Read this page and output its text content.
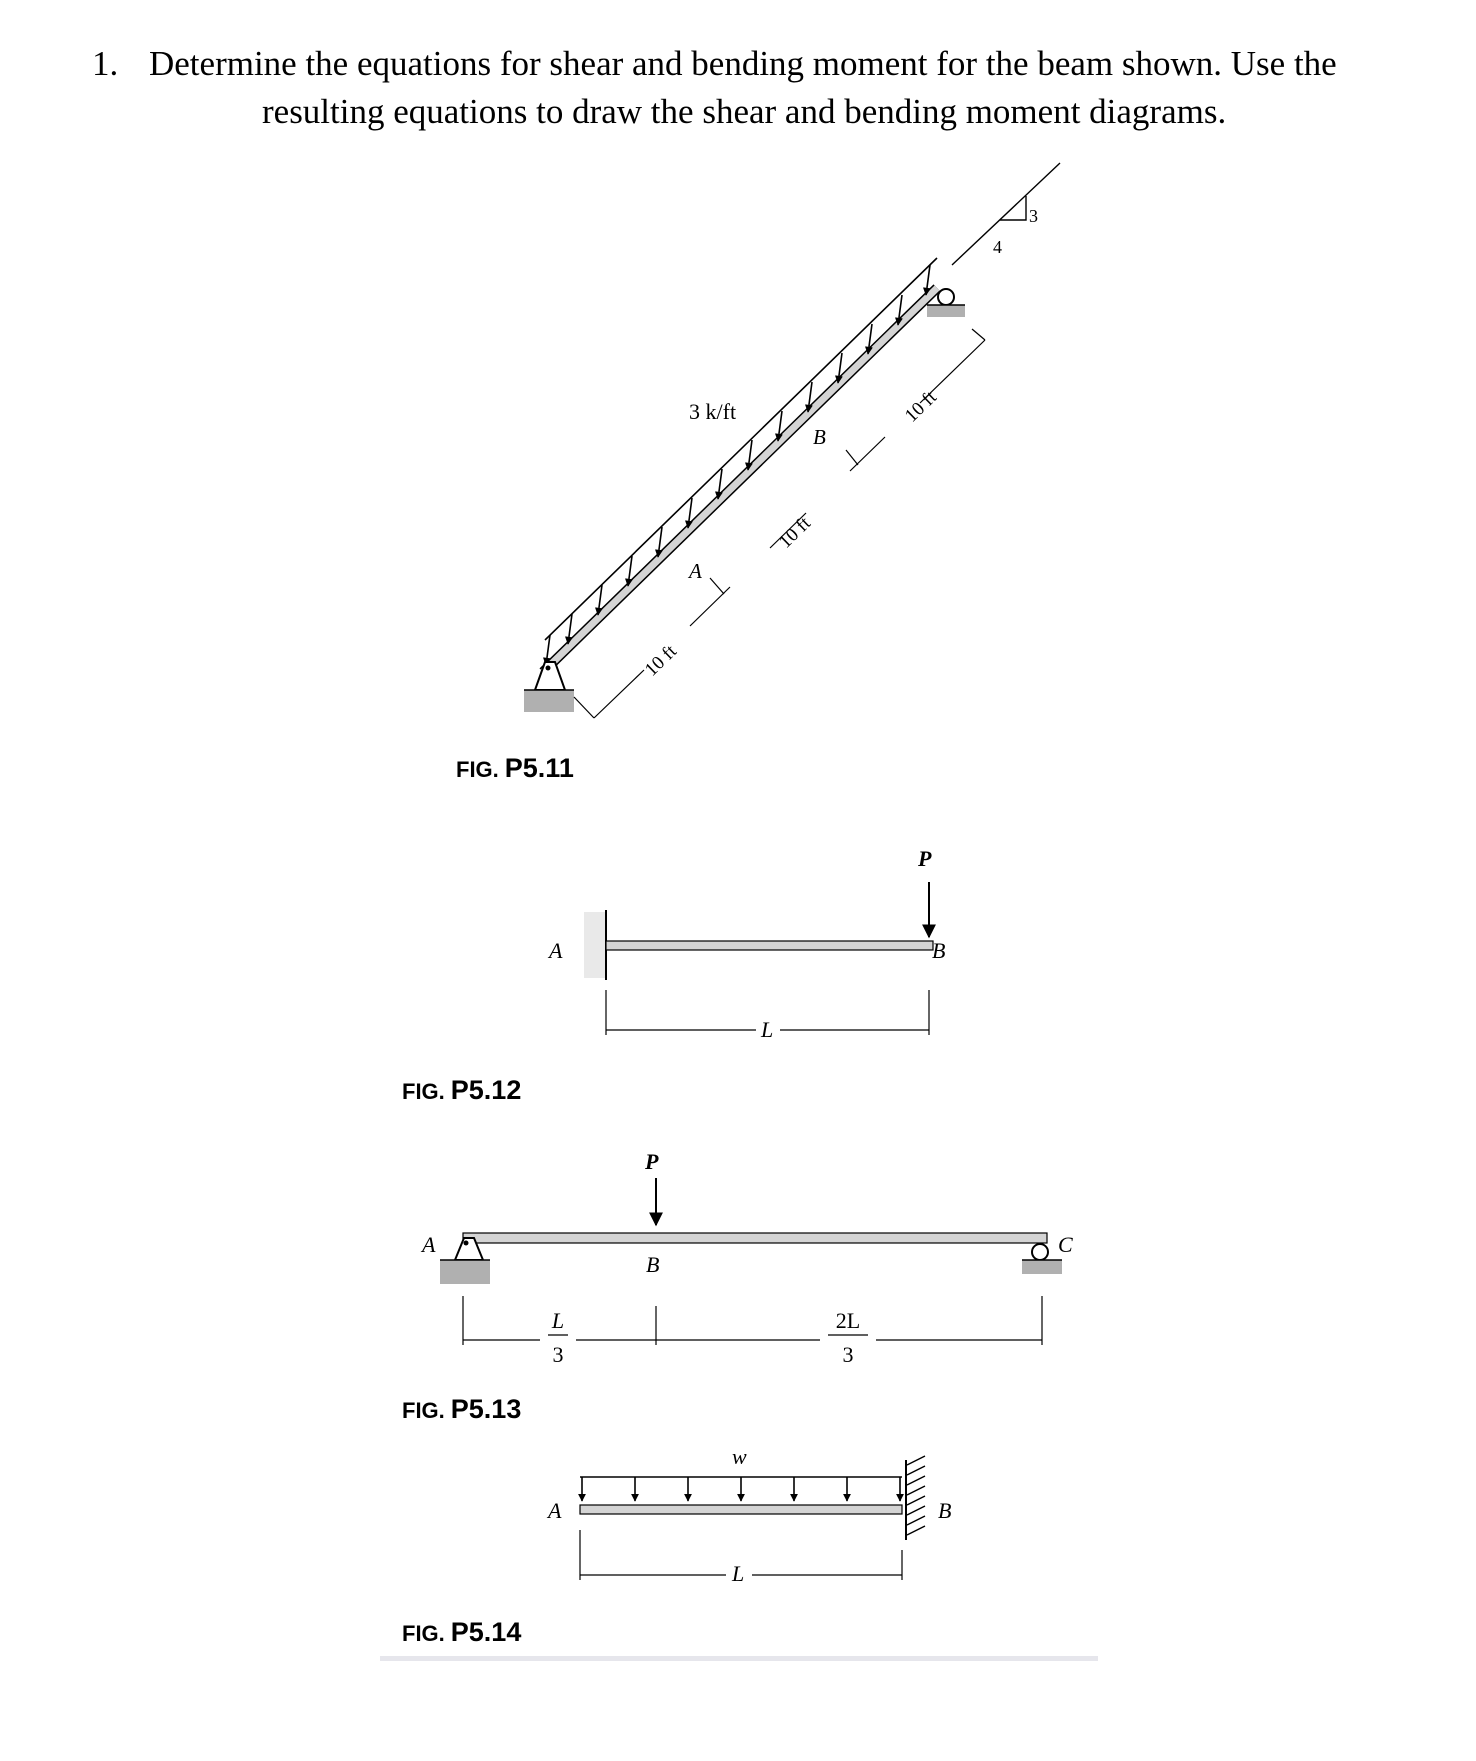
1. Determine the equations for shear and bending moment for the beam shown. Use the
resulting equations to draw the shear and bending moment diagrams.
3 k/ft
A
B
10 ft
10 ft
10 ft
3
4
FIG. P5.11
A	B
P
L
FIG. P5.12
A
B
C
P
L
3
2L
3
FIG. P5.13
w
A	B
L
FIG. P5.14
